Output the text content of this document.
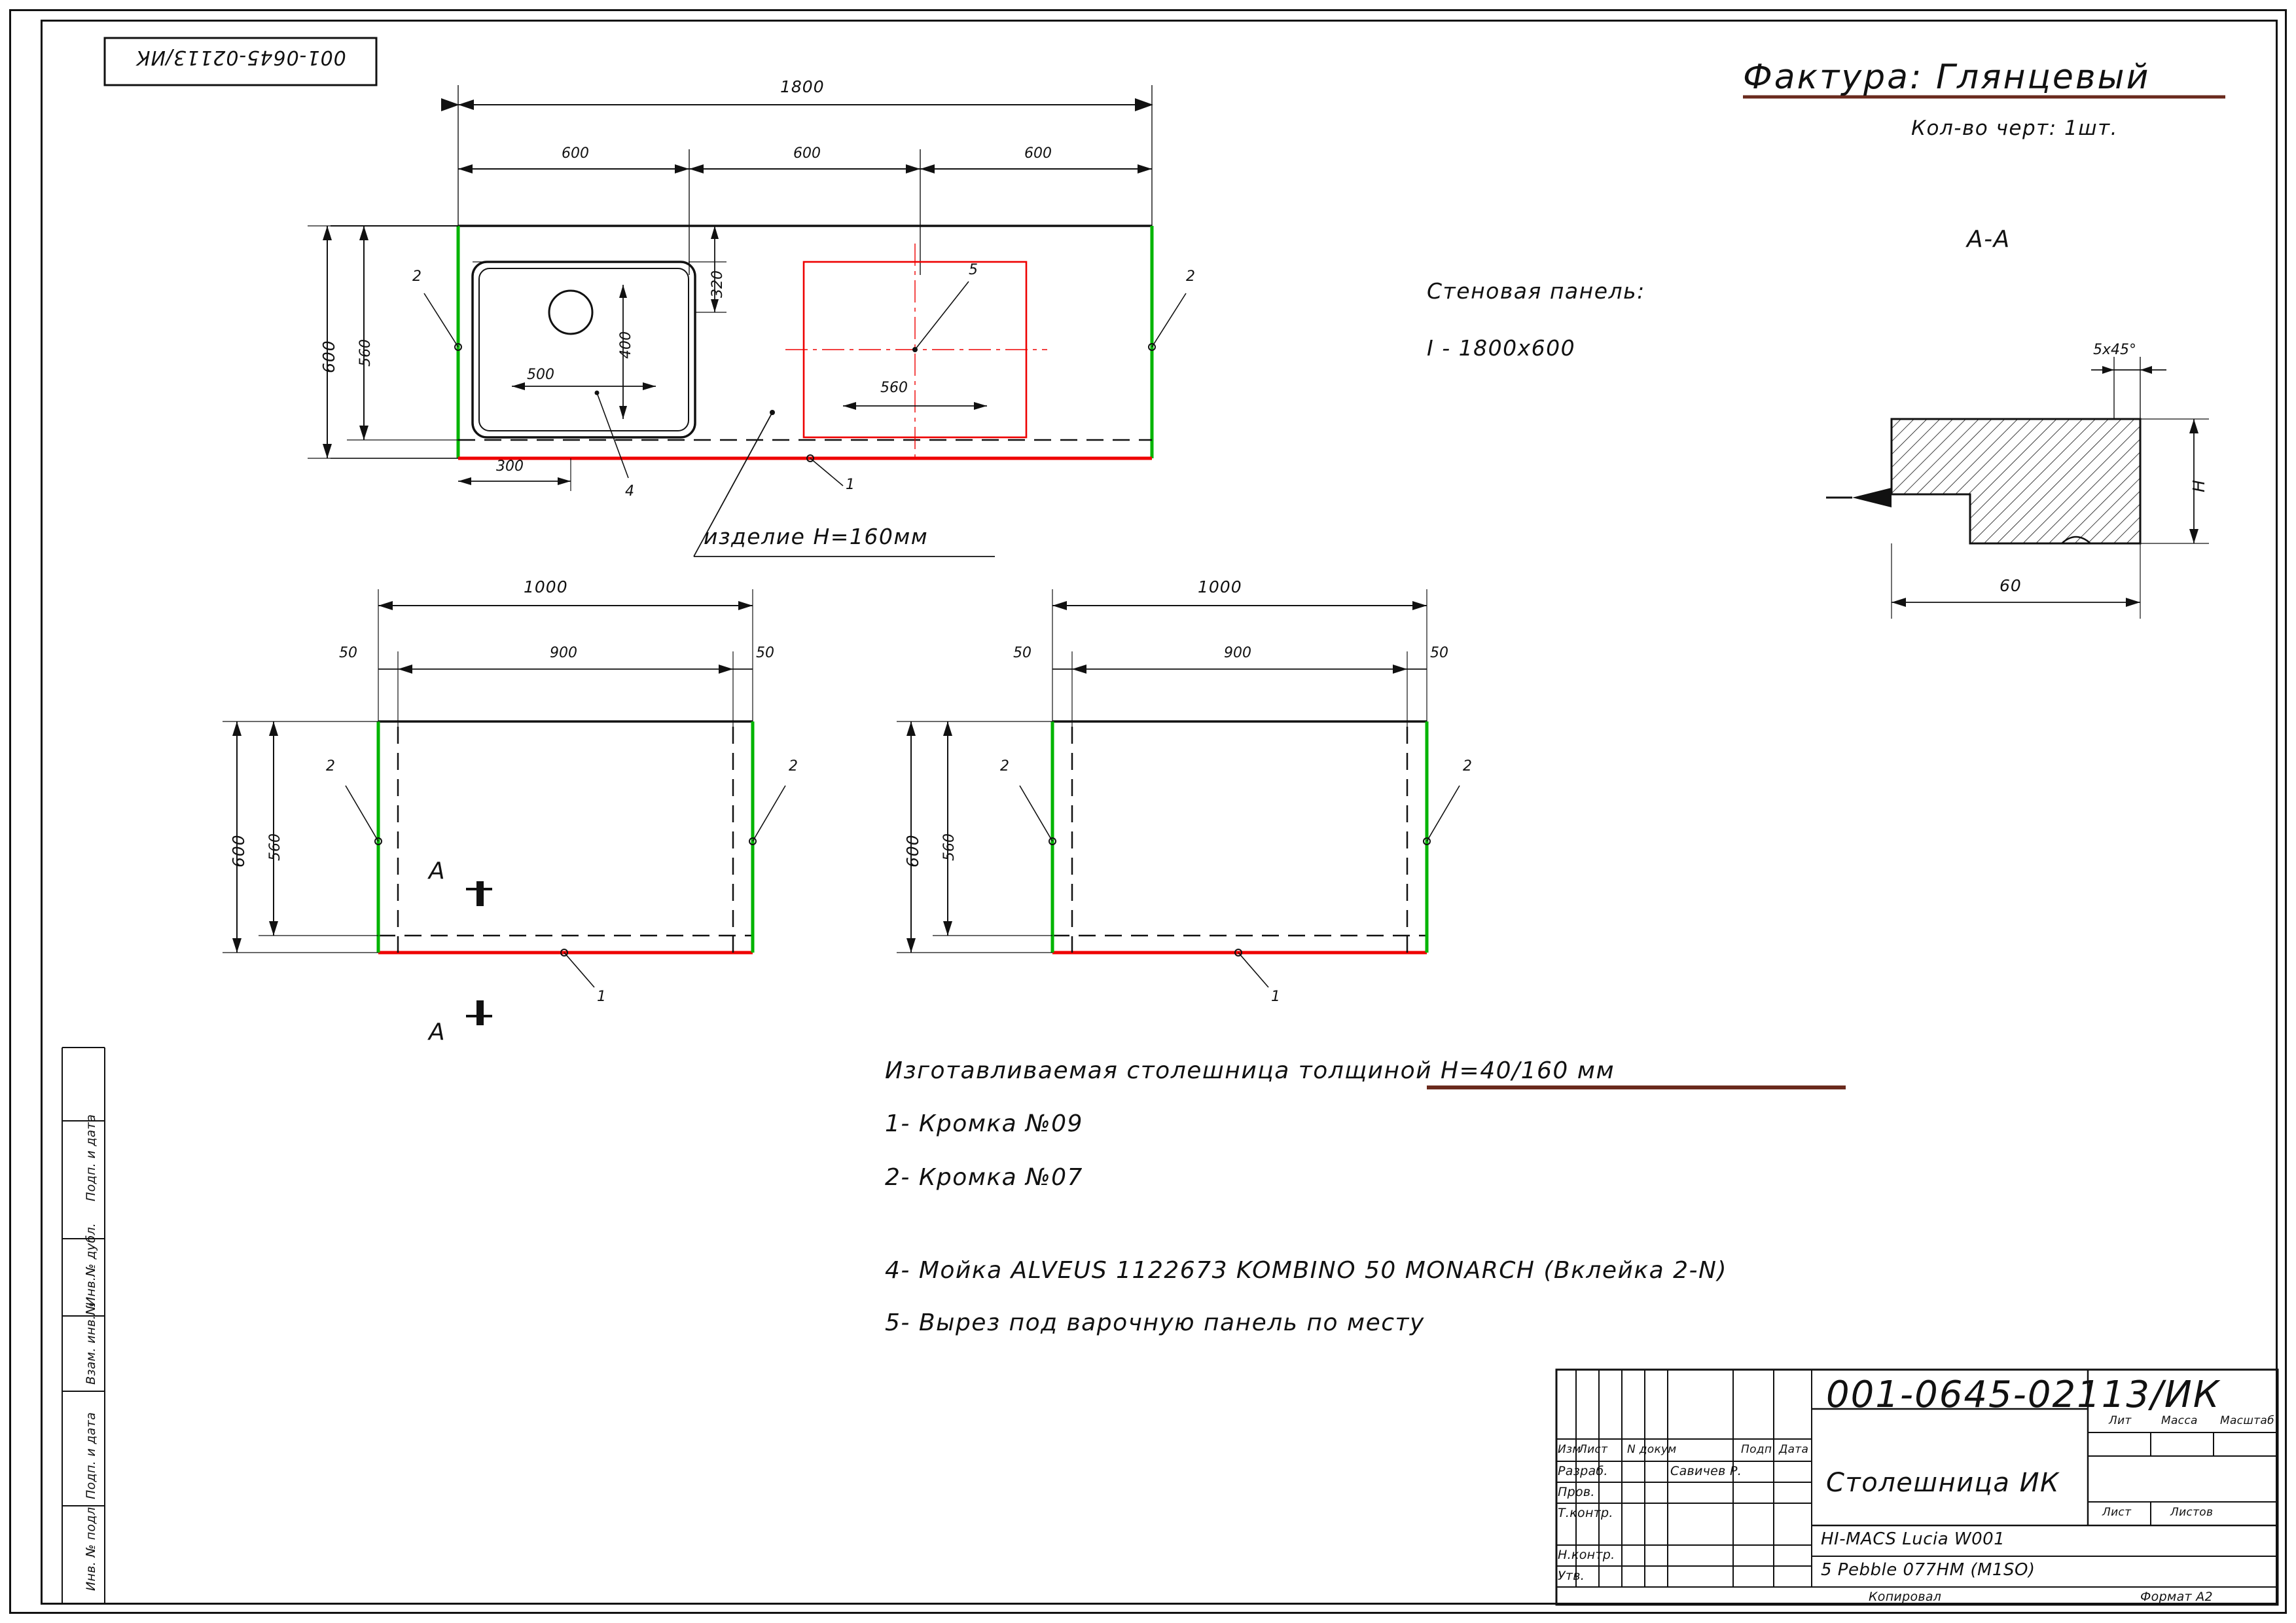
001-0645-02113/ИК
Фактура: Глянцевый
Кол-во черт: 1шт.
А-А
Стеновая панель:
I - 1800х600
1800
600	600	600
600 560
500
400
300
320
4
560
5
2	2
1
изделие Н=160мм
1000
50	900	50
600 560
2	2
1
А
А
1000
50	900	50
600 560
2	2
1
5х45°
Н
60
Изготавливаемая столешница толщиной Н=40/160 мм
1- Кромка №09
2- Кромка №07
4- Мойка ALVEUS 1122673 KOMBINO 50 MONARCH (Вклейка 2-N)
5- Вырез под варочную панель по месту
001-0645-02113/ИК
Столешница ИК
HI-MACS Lucia W001
5 Pebble 077HM (M1SO)
Изм
Лист N докум	Подп Дата
Разраб.	Савичев Р.
Пров.
Т.контр.
Н.контр.
Утв.
Лит	Масса Масштаб
Лист	Листов
Копировал	Формат А2
Инв. № подл
Подп. и дата
Взам. инв.№
Инв.№ дубл.
Подп. и дата
